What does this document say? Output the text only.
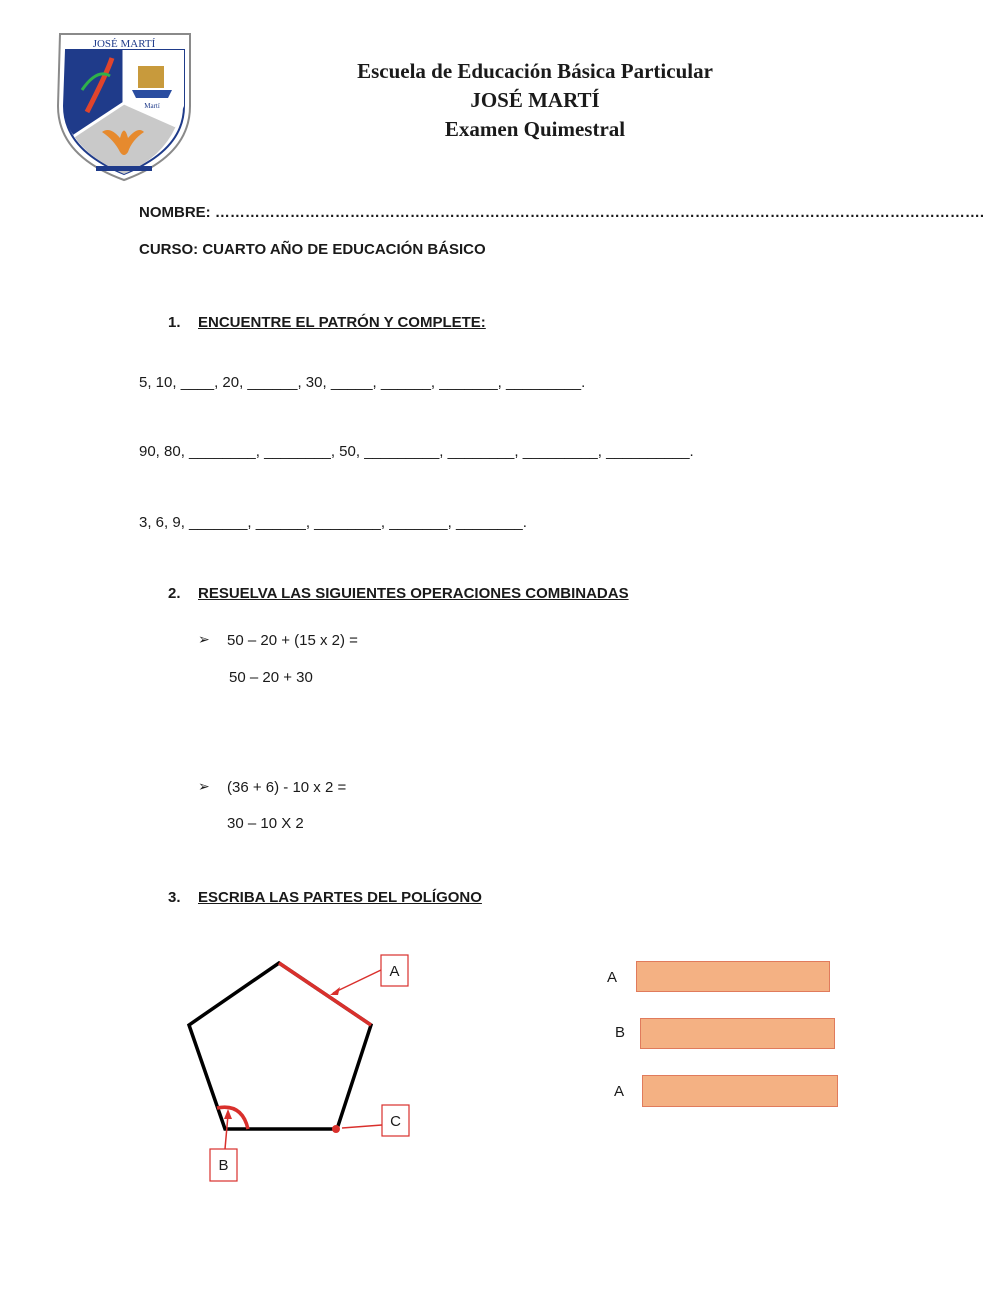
JOSÉ MARTÍ
Martí
Escuela de Educación Básica Particular
JOSÉ MARTÍ
Examen Quimestral
NOMBRE: ……………………………………………………………………………………………………………………………………….
CURSO: CUARTO AÑO DE EDUCACIÓN BÁSICO
1. ENCUENTRE EL PATRÓN Y COMPLETE:
5, 10, ____, 20, ______, 30, _____, ______, _______, _________.
90, 80, ________, ________, 50, _________, ________, _________, __________.
3, 6, 9, _______, ______, ________, _______, ________.
2. RESUELVA LAS SIGUIENTES OPERACIONES COMBINADAS
➢ 50 – 20 + (15 x 2) =
50 – 20 + 30
➢ (36 + 6) - 10 x 2 =
30 – 10 X 2
3. ESCRIBA LAS PARTES DEL POLÍGONO
A
C
B
A
B
A
